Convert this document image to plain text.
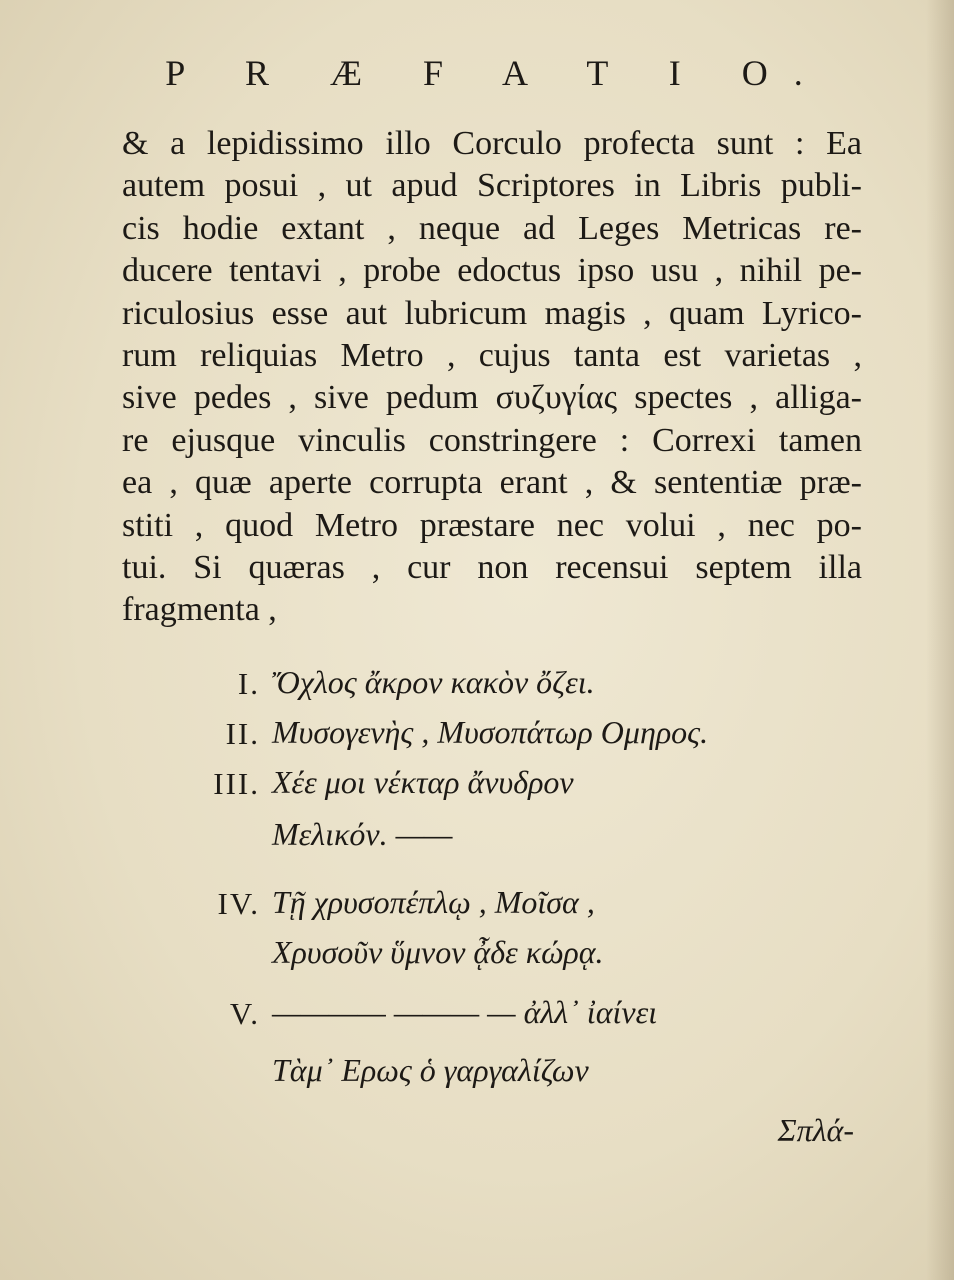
P R Æ F A T I O.
& a lepidissimo illo Corculo profecta sunt : Ea
autem posui , ut apud Scriptores in Libris publi-
cis hodie extant , neque ad Leges Metricas re-
ducere tentavi , probe edoctus ipso usu , nihil pe-
riculosius esse aut lubricum magis , quam Lyrico-
rum reliquias Metro , cujus tanta est varietas ,
sive pedes , sive pedum συζυγίας spectes , alliga-
re ejusque vinculis constringere : Correxi tamen
ea , quæ aperte corrupta erant , & sententiæ præ-
stiti , quod Metro præstare nec volui , nec po-
tui. Si quæras , cur non recensui septem illa
fragmenta ,
I. Ὄχλος ἄκρον κακὸν ὄζει.
II. Μυσογενὴς , Μυσοπάτωρ Ομηρος.
III. Χέε μοι νέκταρ ἄνυδρον
Μελικόν. ——
IV. Τῇ χρυσοπέπλῳ , Μοῖσα ,
Χρυσοῦν ὕμνον ᾆδε κώρᾳ.
V. ———— ——— — ἀλλ᾽ ἰαίνει
Τὰμ᾽ Ερως ὁ γαργαλίζων
Σπλά-
